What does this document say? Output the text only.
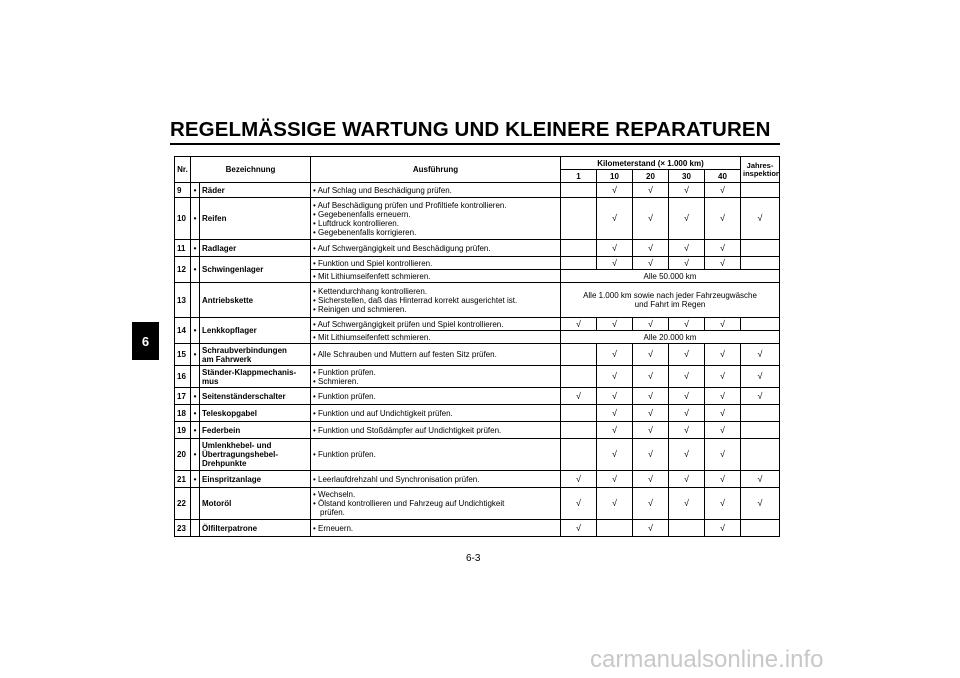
REGELMÄSSIGE WARTUNG UND KLEINERE REPARATUREN
6
Nr.	Bezeichnung		Ausführung	Kilometerstand (× 1.000 km)					Jahres-inspektion
				1	10	20	30	40	
9	•	Räder	• Auf Schlag und Beschädigung prüfen.		√	√	√	√	
10	•	Reifen	• Auf Beschädigung prüfen und Profiltiefe kontrollieren.
• Gegebenenfalls erneuern.
• Luftdruck kontrollieren.
• Gegebenenfalls korrigieren.		√	√	√	√	√
11	•	Radlager	• Auf Schwergängigkeit und Beschädigung prüfen.		√	√	√	√	
12	•	Schwingenlager	• Funktion und Spiel kontrollieren.		√	√	√	√	

			• Mit Lithiumseifenfett schmieren.	Alle 50.000 km					
13		Antriebskette	• Kettendurchhang kontrollieren.
• Sicherstellen, daß das Hinterrad korrekt ausgerichtet ist.
• Reinigen und schmieren.	Alle 1.000 km sowie nach jeder Fahrzeugwäsche
und Fahrt im Regen					

14	•	Lenkkopflager	• Auf Schwergängigkeit prüfen und Spiel kontrollieren.	√	√	√	√	√	

			• Mit Lithiumseifenfett schmieren.	Alle 20.000 km					
15	•	Schraubverbindungen
am Fahrwerk	• Alle Schrauben und Muttern auf festen Sitz prüfen.		√	√	√	√	√
16		Ständer-Klappmechanis-
mus	• Funktion prüfen.
• Schmieren.		√	√	√	√	√
17	•	Seitenständerschalter	• Funktion prüfen.	√	√	√	√	√	√
18	•	Teleskopgabel	• Funktion und auf Undichtigkeit prüfen.		√	√	√	√	
19	•	Federbein	• Funktion und Stoßdämpfer auf Undichtigkeit prüfen.		√	√	√	√	
20	•	Umlenkhebel- und
Übertragungshebel-
Drehpunkte	• Funktion prüfen.		√	√	√	√	
21	•	Einspritzanlage	• Leerlaufdrehzahl und Synchronisation prüfen.	√	√	√	√	√	√
22		Motoröl	• Wechseln.
• Ölstand kontrollieren und Fahrzeug auf Undichtigkeit
prüfen.	√	√	√	√	√	√
23		Ölfilterpatrone	• Erneuern.	√		√		√	
6-3
carmanualsonline.info
